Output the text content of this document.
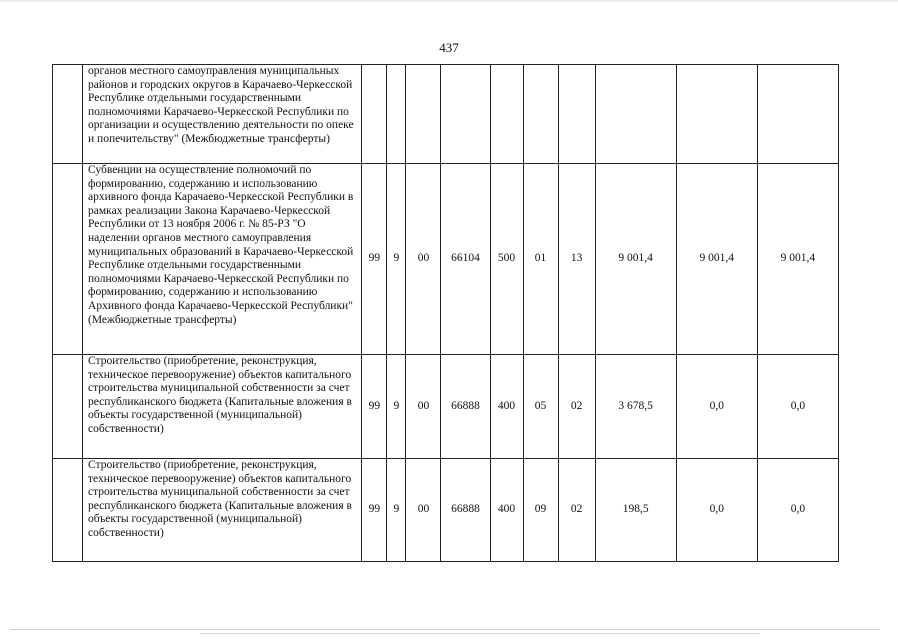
437
	органов местного самоуправления муниципальных районов и городских округов в Карачаево-Черкесской Республике отдельными государственными полномочиями Карачаево-Черкесской Республики по организации и осуществлению деятельности по опеке и попечительству" (Межбюджетные трансферты)										
	Субвенции на осуществление полномочий по формированию, содержанию и использованию архивного фонда Карачаево-Черкесской Республики в рамках реализации Закона Карачаево-Черкесской Республики от 13 ноября 2006 г. № 85-РЗ "О наделении органов местного самоуправления муниципальных образований в Карачаево-Черкесской Республике отдельными государственными полномочиями Карачаево-Черкесской Республики по формированию, содержанию и использованию Архивного фонда Карачаево-Черкесской Республики" (Межбюджетные трансферты)	99	9	00	66104	500	01	13	9 001,4	9 001,4	9 001,4
	Строительство (приобретение, реконструкция, техническое перевооружение) объектов капитального строительства муниципальной собственности за счет республиканского бюджета (Капитальные вложения в объекты государственной (муниципальной) собственности)	99	9	00	66888	400	05	02	3 678,5	0,0	0,0
	Строительство (приобретение, реконструкция, техническое перевооружение) объектов капитального строительства муниципальной собственности за счет республиканского бюджета (Капитальные вложения в объекты государственной (муниципальной) собственности)	99	9	00	66888	400	09	02	198,5	0,0	0,0
